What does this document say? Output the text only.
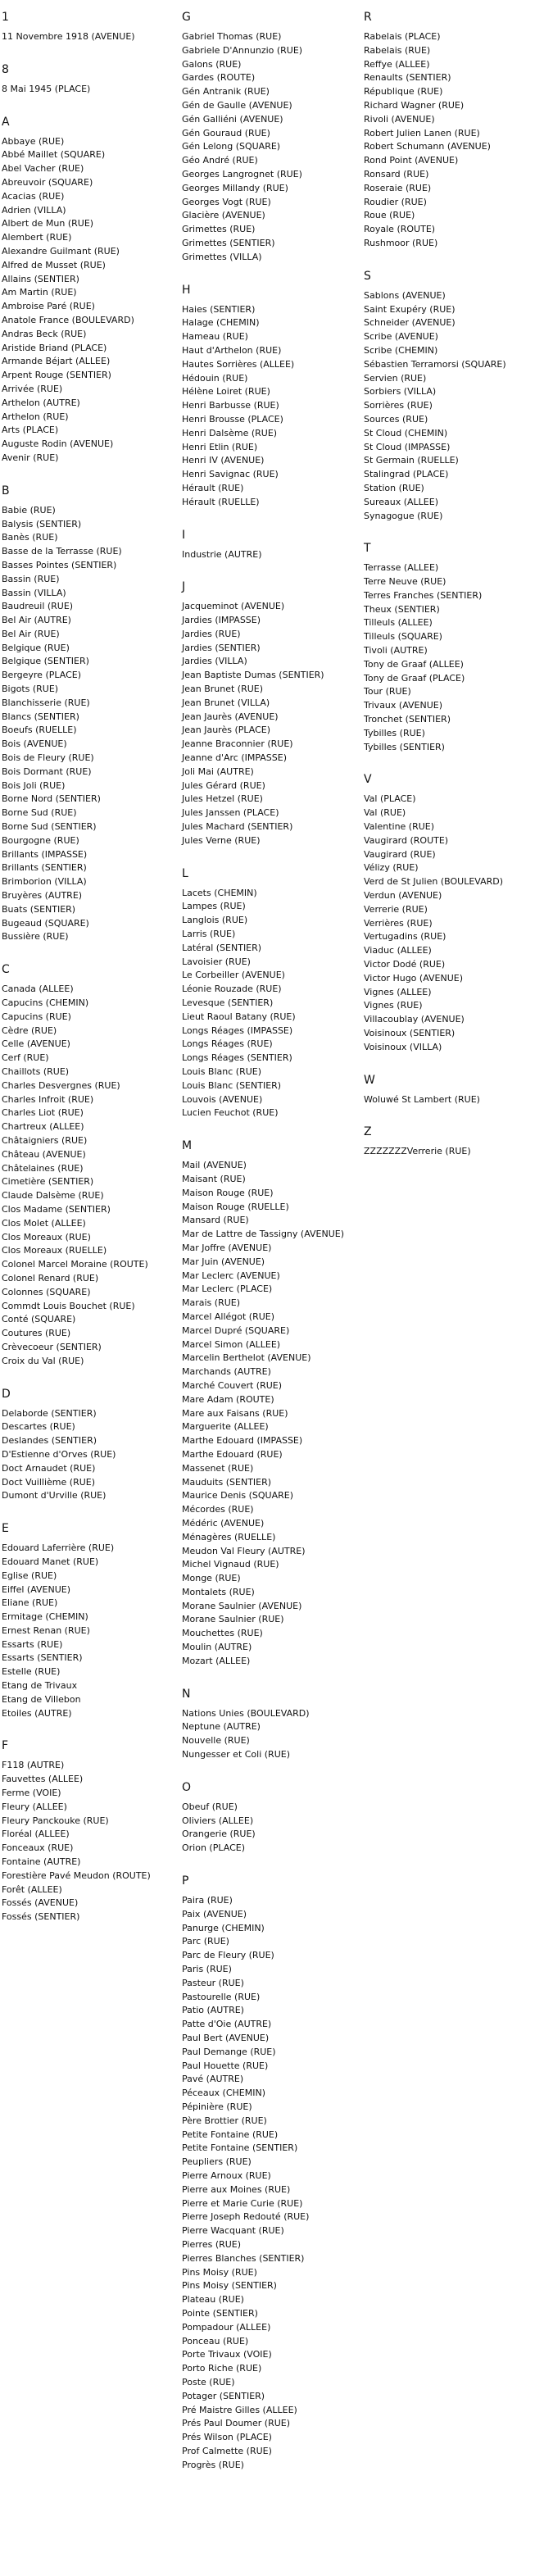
1
11 Novembre 1918 (AVENUE)
8
8 Mai 1945 (PLACE)
A
Abbaye (RUE)
Abbé Maillet (SQUARE)
Abel Vacher (RUE)
Abreuvoir (SQUARE)
Acacias (RUE)
Adrien (VILLA)
Albert de Mun (RUE)
Alembert (RUE)
Alexandre Guilmant (RUE)
Alfred de Musset (RUE)
Allains (SENTIER)
Am Martin (RUE)
Ambroise Paré (RUE)
Anatole France (BOULEVARD)
Andras Beck (RUE)
Aristide Briand (PLACE)
Armande Béjart (ALLEE)
Arpent Rouge (SENTIER)
Arrivée (RUE)
Arthelon (AUTRE)
Arthelon (RUE)
Arts (PLACE)
Auguste Rodin (AVENUE)
Avenir (RUE)
B
Babie (RUE)
Balysis (SENTIER)
Banès (RUE)
Basse de la Terrasse (RUE)
Basses Pointes (SENTIER)
Bassin (RUE)
Bassin (VILLA)
Baudreuil (RUE)
Bel Air (AUTRE)
Bel Air (RUE)
Belgique (RUE)
Belgique (SENTIER)
Bergeyre (PLACE)
Bigots (RUE)
Blanchisserie (RUE)
Blancs (SENTIER)
Boeufs (RUELLE)
Bois (AVENUE)
Bois de Fleury (RUE)
Bois Dormant (RUE)
Bois Joli (RUE)
Borne Nord (SENTIER)
Borne Sud (RUE)
Borne Sud (SENTIER)
Bourgogne (RUE)
Brillants (IMPASSE)
Brillants (SENTIER)
Brimborion (VILLA)
Bruyères (AUTRE)
Buats (SENTIER)
Bugeaud (SQUARE)
Bussière (RUE)
C
Canada (ALLEE)
Capucins (CHEMIN)
Capucins (RUE)
Cèdre (RUE)
Celle (AVENUE)
Cerf (RUE)
Chaillots (RUE)
Charles Desvergnes (RUE)
Charles Infroit (RUE)
Charles Liot (RUE)
Chartreux (ALLEE)
Châtaigniers (RUE)
Château (AVENUE)
Châtelaines (RUE)
Cimetière (SENTIER)
Claude Dalsème (RUE)
Clos Madame (SENTIER)
Clos Molet (ALLEE)
Clos Moreaux (RUE)
Clos Moreaux (RUELLE)
Colonel Marcel Moraine (ROUTE)
Colonel Renard (RUE)
Colonnes (SQUARE)
Commdt Louis Bouchet (RUE)
Conté (SQUARE)
Coutures (RUE)
Crèvecoeur (SENTIER)
Croix du Val (RUE)
D
Delaborde (SENTIER)
Descartes (RUE)
Deslandes (SENTIER)
D'Estienne d'Orves (RUE)
Doct Arnaudet (RUE)
Doct Vuillième (RUE)
Dumont d'Urville (RUE)
E
Edouard Laferrière (RUE)
Edouard Manet (RUE)
Eglise (RUE)
Eiffel (AVENUE)
Eliane (RUE)
Ermitage (CHEMIN)
Ernest Renan (RUE)
Essarts (RUE)
Essarts (SENTIER)
Estelle (RUE)
Etang de Trivaux
Etang de Villebon
Etoiles (AUTRE)
F
F118 (AUTRE)
Fauvettes (ALLEE)
Ferme (VOIE)
Fleury (ALLEE)
Fleury Panckouke (RUE)
Floréal (ALLEE)
Fonceaux (RUE)
Fontaine (AUTRE)
Forestière Pavé Meudon (ROUTE)
Forêt (ALLEE)
Fossés (AVENUE)
Fossés (SENTIER)
G
Gabriel Thomas (RUE)
Gabriele D'Annunzio (RUE)
Galons (RUE)
Gardes (ROUTE)
Gén Antranik (RUE)
Gén de Gaulle (AVENUE)
Gén Galliéni (AVENUE)
Gén Gouraud (RUE)
Gén Lelong (SQUARE)
Géo André (RUE)
Georges Langrognet (RUE)
Georges Millandy (RUE)
Georges Vogt (RUE)
Glacière (AVENUE)
Grimettes (RUE)
Grimettes (SENTIER)
Grimettes (VILLA)
H
Haies (SENTIER)
Halage (CHEMIN)
Hameau (RUE)
Haut d'Arthelon (RUE)
Hautes Sorrières (ALLEE)
Hédouin (RUE)
Hélène Loiret (RUE)
Henri Barbusse (RUE)
Henri Brousse (PLACE)
Henri Dalsème (RUE)
Henri Etlin (RUE)
Henri IV (AVENUE)
Henri Savignac (RUE)
Hérault (RUE)
Hérault (RUELLE)
I
Industrie (AUTRE)
J
Jacqueminot (AVENUE)
Jardies (IMPASSE)
Jardies (RUE)
Jardies (SENTIER)
Jardies (VILLA)
Jean Baptiste Dumas (SENTIER)
Jean Brunet (RUE)
Jean Brunet (VILLA)
Jean Jaurès (AVENUE)
Jean Jaurès (PLACE)
Jeanne Braconnier (RUE)
Jeanne d'Arc (IMPASSE)
Joli Mai (AUTRE)
Jules Gérard (RUE)
Jules Hetzel (RUE)
Jules Janssen (PLACE)
Jules Machard (SENTIER)
Jules Verne (RUE)
L
Lacets (CHEMIN)
Lampes (RUE)
Langlois (RUE)
Larris (RUE)
Latéral (SENTIER)
Lavoisier (RUE)
Le Corbeiller (AVENUE)
Léonie Rouzade (RUE)
Levesque (SENTIER)
Lieut Raoul Batany (RUE)
Longs Réages (IMPASSE)
Longs Réages (RUE)
Longs Réages (SENTIER)
Louis Blanc (RUE)
Louis Blanc (SENTIER)
Louvois (AVENUE)
Lucien Feuchot (RUE)
M
Mail (AVENUE)
Maisant (RUE)
Maison Rouge (RUE)
Maison Rouge (RUELLE)
Mansard (RUE)
Mar de Lattre de Tassigny (AVENUE)
Mar Joffre (AVENUE)
Mar Juin (AVENUE)
Mar Leclerc (AVENUE)
Mar Leclerc (PLACE)
Marais (RUE)
Marcel Allégot (RUE)
Marcel Dupré (SQUARE)
Marcel Simon (ALLEE)
Marcelin Berthelot (AVENUE)
Marchands (AUTRE)
Marché Couvert (RUE)
Mare Adam (ROUTE)
Mare aux Faisans (RUE)
Marguerite (ALLEE)
Marthe Edouard (IMPASSE)
Marthe Edouard (RUE)
Massenet (RUE)
Mauduits (SENTIER)
Maurice Denis (SQUARE)
Mécordes (RUE)
Médéric (AVENUE)
Ménagères (RUELLE)
Meudon Val Fleury (AUTRE)
Michel Vignaud (RUE)
Monge (RUE)
Montalets (RUE)
Morane Saulnier (AVENUE)
Morane Saulnier (RUE)
Mouchettes (RUE)
Moulin (AUTRE)
Mozart (ALLEE)
N
Nations Unies (BOULEVARD)
Neptune (AUTRE)
Nouvelle (RUE)
Nungesser et Coli (RUE)
O
Obeuf (RUE)
Oliviers (ALLEE)
Orangerie (RUE)
Orion (PLACE)
P
Paira (RUE)
Paix (AVENUE)
Panurge (CHEMIN)
Parc (RUE)
Parc de Fleury (RUE)
Paris (RUE)
Pasteur (RUE)
Pastourelle (RUE)
Patio (AUTRE)
Patte d'Oie (AUTRE)
Paul Bert (AVENUE)
Paul Demange (RUE)
Paul Houette (RUE)
Pavé (AUTRE)
Péceaux (CHEMIN)
Pépinière (RUE)
Père Brottier (RUE)
Petite Fontaine (RUE)
Petite Fontaine (SENTIER)
Peupliers (RUE)
Pierre Arnoux (RUE)
Pierre aux Moines (RUE)
Pierre et Marie Curie (RUE)
Pierre Joseph Redouté (RUE)
Pierre Wacquant (RUE)
Pierres (RUE)
Pierres Blanches (SENTIER)
Pins Moisy (RUE)
Pins Moisy (SENTIER)
Plateau (RUE)
Pointe (SENTIER)
Pompadour (ALLEE)
Ponceau (RUE)
Porte Trivaux (VOIE)
Porto Riche (RUE)
Poste (RUE)
Potager (SENTIER)
Pré Maistre Gilles (ALLEE)
Prés Paul Doumer (RUE)
Prés Wilson (PLACE)
Prof Calmette (RUE)
Progrès (RUE)
R
Rabelais (PLACE)
Rabelais (RUE)
Reffye (ALLEE)
Renaults (SENTIER)
République (RUE)
Richard Wagner (RUE)
Rivoli (AVENUE)
Robert Julien Lanen (RUE)
Robert Schumann (AVENUE)
Rond Point (AVENUE)
Ronsard (RUE)
Roseraie (RUE)
Roudier (RUE)
Roue (RUE)
Royale (ROUTE)
Rushmoor (RUE)
S
Sablons (AVENUE)
Saint Exupéry (RUE)
Schneider (AVENUE)
Scribe (AVENUE)
Scribe (CHEMIN)
Sébastien Terramorsi (SQUARE)
Servien (RUE)
Sorbiers (VILLA)
Sorrières (RUE)
Sources (RUE)
St Cloud (CHEMIN)
St Cloud (IMPASSE)
St Germain (RUELLE)
Stalingrad (PLACE)
Station (RUE)
Sureaux (ALLEE)
Synagogue (RUE)
T
Terrasse (ALLEE)
Terre Neuve (RUE)
Terres Franches (SENTIER)
Theux (SENTIER)
Tilleuls (ALLEE)
Tilleuls (SQUARE)
Tivoli (AUTRE)
Tony de Graaf (ALLEE)
Tony de Graaf (PLACE)
Tour (RUE)
Trivaux (AVENUE)
Tronchet (SENTIER)
Tybilles (RUE)
Tybilles (SENTIER)
V
Val (PLACE)
Val (RUE)
Valentine (RUE)
Vaugirard (ROUTE)
Vaugirard (RUE)
Vélizy (RUE)
Verd de St Julien (BOULEVARD)
Verdun (AVENUE)
Verrerie (RUE)
Verrières (RUE)
Vertugadins (RUE)
Viaduc (ALLEE)
Victor Dodé (RUE)
Victor Hugo (AVENUE)
Vignes (ALLEE)
Vignes (RUE)
Villacoublay (AVENUE)
Voisinoux (SENTIER)
Voisinoux (VILLA)
W
Woluwé St Lambert (RUE)
Z
ZZZZZZZVerrerie (RUE)
